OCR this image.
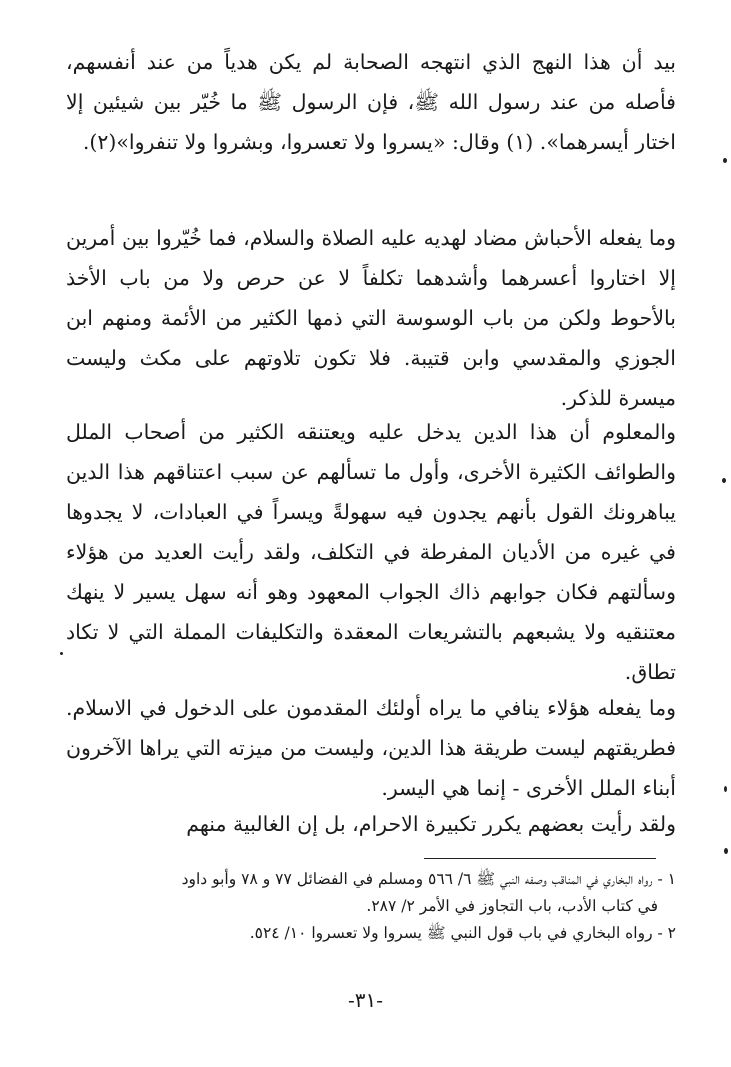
بيد أن هذا النهج الذي انتهجه الصحابة لم يكن هدياً من عند أنفسهم، فأصله من عند رسول الله ﷺ، فإن الرسول ﷺ ما خُيّر بين شيئين إلا اختار أيسرهما». (١) وقال: «يسروا ولا تعسروا، وبشروا ولا تنفروا»(٢).

وما يفعله الأحباش مضاد لهديه عليه الصلاة والسلام، فما خُيّروا بين أمرين إلا اختاروا أعسرهما وأشدهما تكلفاً لا عن حرص ولا من باب الأخذ بالأحوط ولكن من باب الوسوسة التي ذمها الكثير من الأئمة ومنهم ابن الجوزي والمقدسي وابن قتيبة. فلا تكون تلاوتهم على مكث وليست ميسرة للذكر.

والمعلوم أن هذا الدين يدخل عليه ويعتنقه الكثير من أصحاب الملل والطوائف الكثيرة الأخرى، وأول ما تسألهم عن سبب اعتناقهم هذا الدين يباهرونك القول بأنهم يجدون فيه سهولةً ويسراً في العبادات، لا يجدوها في غيره من الأديان المفرطة في التكلف، ولقد رأيت العديد من هؤلاء وسألتهم فكان جوابهم ذاك الجواب المعهود وهو أنه سهل يسير لا ينهك معتنقيه ولا يشبعهم بالتشريعات المعقدة والتكليفات المملة التي لا تكاد تطاق.

وما يفعله هؤلاء ينافي ما يراه أولئك المقدمون على الدخول في الاسلام. فطريقتهم ليست طريقة هذا الدين، وليست من ميزته التي يراها الآخرون أبناء الملل الأخرى - إنما هي اليسر.

ولقد رأيت بعضهم يكرر تكبيرة الاحرام، بل إن الغالبية منهم

١ - رواه البخاري في المناقب وصفه النبي ﷺ ٦/ ٥٦٦ ومسلم في الفضائل ٧٧ و ٧٨ وأبو داود

في كتاب الأدب، باب التجاوز في الأمر ٢/ ٢٨٧.

٢ - رواه البخاري في باب قول النبي ﷺ يسروا ولا تعسروا ١٠/ ٥٢٤.

-٣١-
